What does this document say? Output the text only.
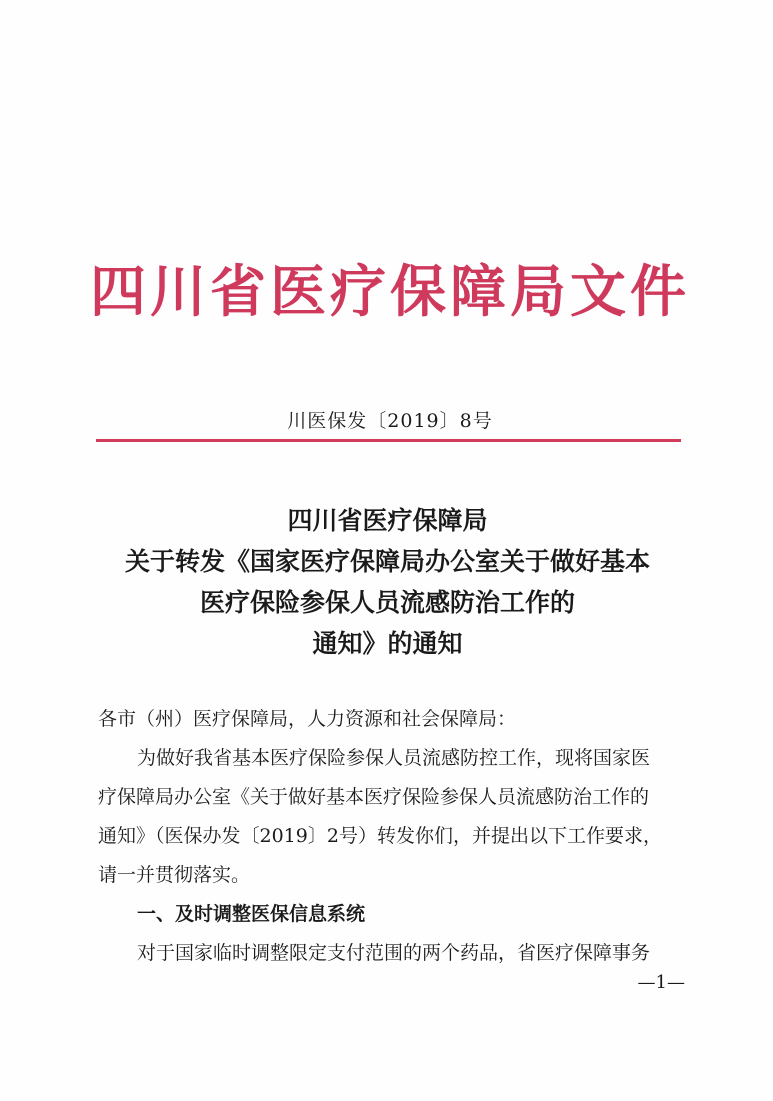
四川省医疗保障局文件
川医保发〔2019〕8号
四川省医疗保障局
关于转发《国家医疗保障局办公室关于做好基本
医疗保险参保人员流感防治工作的
通知》的通知
各市（州）医疗保障局，人力资源和社会保障局：
为做好我省基本医疗保险参保人员流感防控工作，现将国家医
疗保障局办公室《关于做好基本医疗保险参保人员流感防治工作的
通知》（医保办发〔2019〕2号）转发你们，并提出以下工作要求，
请一并贯彻落实。
一、及时调整医保信息系统
对于国家临时调整限定支付范围的两个药品，省医疗保障事务
—1—
